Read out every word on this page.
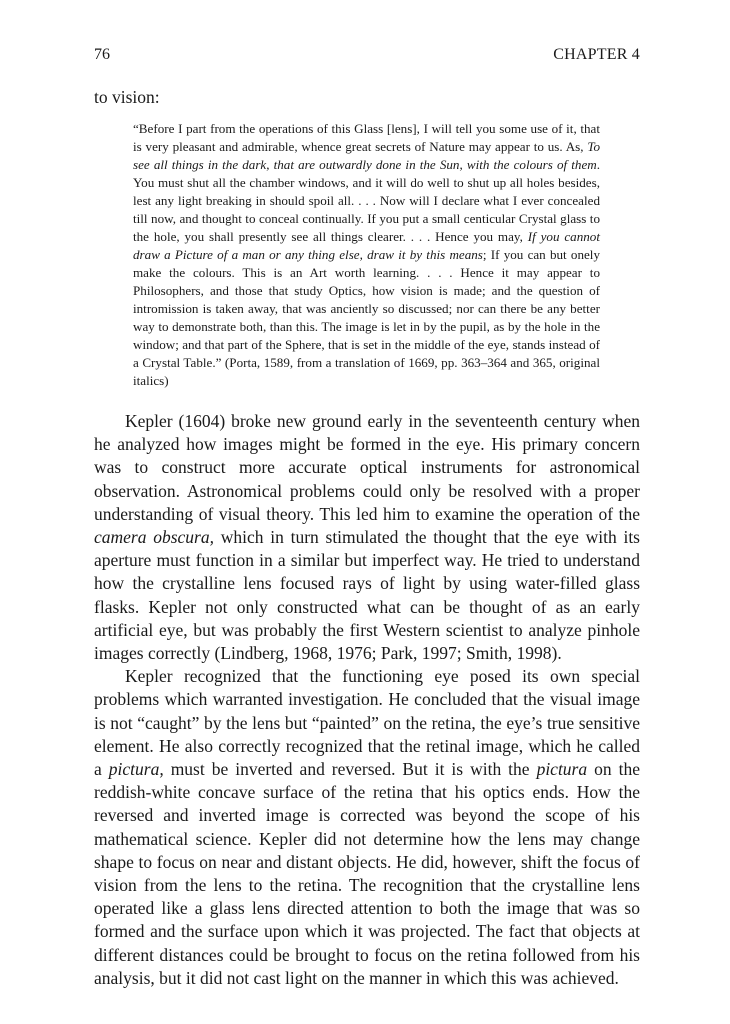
76	CHAPTER 4
to vision:
“Before I part from the operations of this Glass [lens], I will tell you some use of it, that is very pleasant and admirable, whence great secrets of Nature may appear to us. As, To see all things in the dark, that are outwardly done in the Sun, with the colours of them. You must shut all the chamber windows, and it will do well to shut up all holes besides, lest any light breaking in should spoil all. . . . Now will I declare what I ever concealed till now, and thought to conceal continually. If you put a small centicular Crystal glass to the hole, you shall presently see all things clearer. . . . Hence you may, If you cannot draw a Picture of a man or any thing else, draw it by this means; If you can but onely make the colours. This is an Art worth learning. . . . Hence it may appear to Philosophers, and those that study Optics, how vision is made; and the question of intromission is taken away, that was anciently so discussed; nor can there be any better way to demonstrate both, than this. The image is let in by the pupil, as by the hole in the window; and that part of the Sphere, that is set in the middle of the eye, stands instead of a Crystal Table.” (Porta, 1589, from a translation of 1669, pp. 363–364 and 365, original italics)

Kepler (1604) broke new ground early in the seventeenth century when he analyzed how images might be formed in the eye. His primary concern was to construct more accurate optical instruments for astronomical observation. Astronomical problems could only be resolved with a proper understanding of visual theory. This led him to examine the operation of the camera obscura, which in turn stimulated the thought that the eye with its aperture must function in a similar but imperfect way. He tried to understand how the crystalline lens focused rays of light by using water-filled glass flasks. Kepler not only constructed what can be thought of as an early artificial eye, but was probably the first Western scientist to analyze pinhole images correctly (Lindberg, 1968, 1976; Park, 1997; Smith, 1998).

Kepler recognized that the functioning eye posed its own special problems which warranted investigation. He concluded that the visual image is not “caught” by the lens but “painted” on the retina, the eye’s true sensitive element. He also correctly recognized that the retinal image, which he called a pictura, must be inverted and reversed. But it is with the pictura on the reddish-white concave surface of the retina that his optics ends. How the reversed and inverted image is corrected was beyond the scope of his mathematical science. Kepler did not determine how the lens may change shape to focus on near and distant objects. He did, however, shift the focus of vision from the lens to the retina. The recognition that the crystalline lens operated like a glass lens directed attention to both the image that was so formed and the surface upon which it was projected. The fact that objects at different distances could be brought to focus on the retina followed from his analysis, but it did not cast light on the manner in which this was achieved.
